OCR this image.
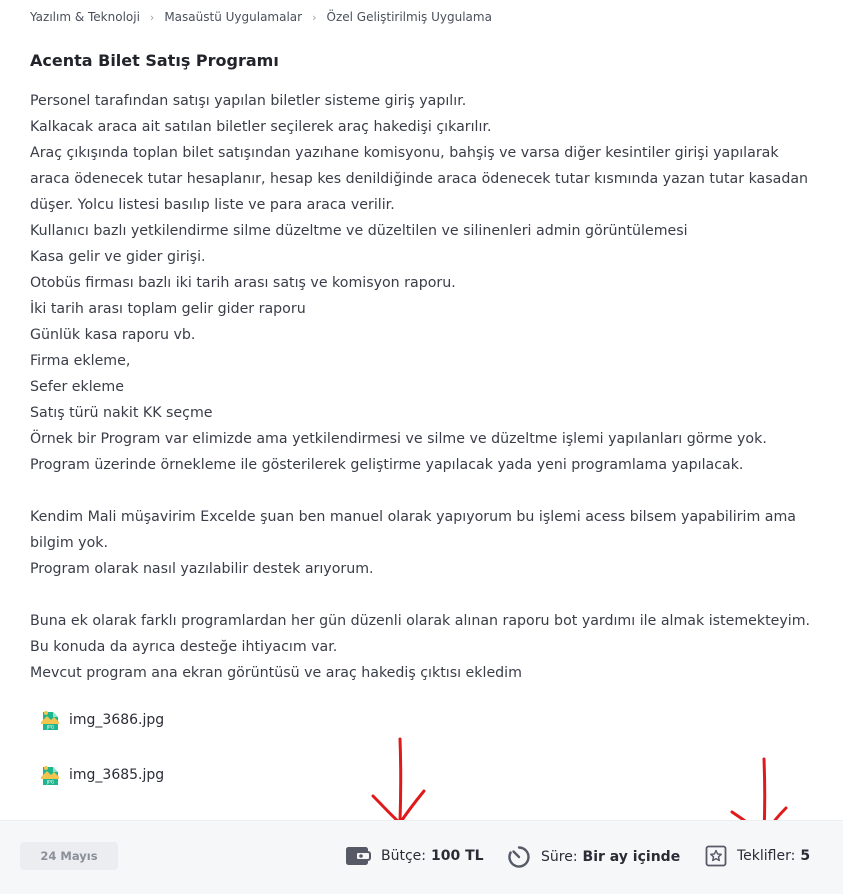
Yazılım & Teknoloji › Masaüstü Uygulamalar › Özel Geliştirilmiş Uygulama
Acenta Bilet Satış Programı
Personel tarafından satışı yapılan biletler sisteme giriş yapılır.
Kalkacak araca ait satılan biletler seçilerek araç hakedişi çıkarılır.
Araç çıkışında toplan bilet satışından yazıhane komisyonu, bahşiş ve varsa diğer kesintiler girişi yapılarak araca ödenecek tutar hesaplanır, hesap kes denildiğinde araca ödenecek tutar kısmında yazan tutar kasadan düşer. Yolcu listesi basılıp liste ve para araca verilir.
Kullanıcı bazlı yetkilendirme silme düzeltme ve düzeltilen ve silinenleri admin görüntülemesi
Kasa gelir ve gider girişi.
Otobüs firması bazlı iki tarih arası satış ve komisyon raporu.
İki tarih arası toplam gelir gider raporu
Günlük kasa raporu vb.
Firma ekleme,
Sefer ekleme
Satış türü nakit KK seçme
Örnek bir Program var elimizde ama yetkilendirmesi ve silme ve düzeltme işlemi yapılanları görme yok.
Program üzerinde örnekleme ile gösterilerek geliştirme yapılacak yada yeni programlama yapılacak.
Kendim Mali müşavirim Excelde şuan ben manuel olarak yapıyorum bu işlemi acess bilsem yapabilirim ama bilgim yok.
Program olarak nasıl yazılabilir destek arıyorum.
Buna ek olarak farklı programlardan her gün düzenli olarak alınan raporu bot yardımı ile almak istemekteyim. Bu konuda da ayrıca desteğe ihtiyacım var.
Mevcut program ana ekran görüntüsü ve araç hakediş çıktısı ekledim
JPG img_3686.jpg
JPG img_3685.jpg
24 Mayıs	Bütçe: 100 TL	Süre: Bir ay içinde	Teklifler: 5
